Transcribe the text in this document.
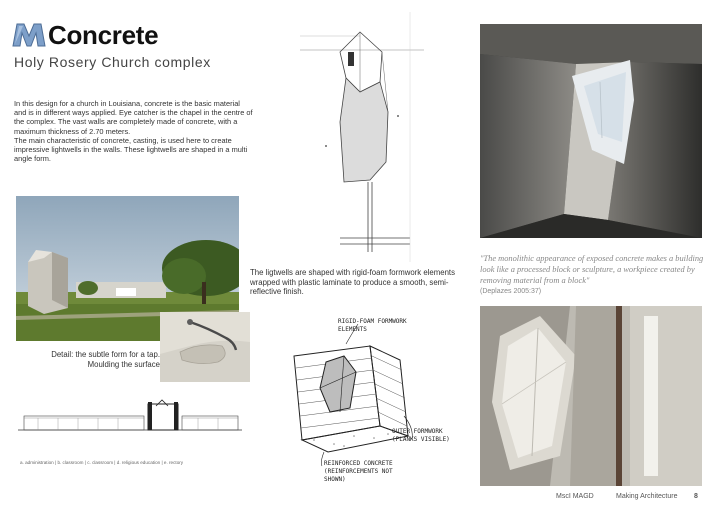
Concrete
Holy Rosery Church complex

In this design for a church in Louisiana, concrete is the basic material and is in different ways applied. Eye catcher is the chapel in the centre of the complex. The vast walls are completely made of concrete, with a maximum thickness of 2.70 meters.

The main characteristic of concrete, casting, is used here to create impressive lightwells in the walls. These lightwells are shaped in a multi angle form.

Detail: the subtle form for a tap. Moulding the surface
a. administration | b. classroom | c. classroom | d. religious education | e. rectory
The ligtwells are shaped with rigid-foam formwork elements wrapped with plastic laminate to produce a smooth, semi-reflective finish.
RIGID-FOAM FORMWORK ELEMENTS
OUTER FORMWORK (PLANKS VISIBLE)
REINFORCED CONCRETE (REINFORCEMENTS NOT SHOWN)
"The monolithic appearance of exposed concrete makes a building look like a processed block or sculpture, a workpiece created by removing material from a block"
(Deplazes 2005:37)
MscI MAGD	Making Architecture 8
